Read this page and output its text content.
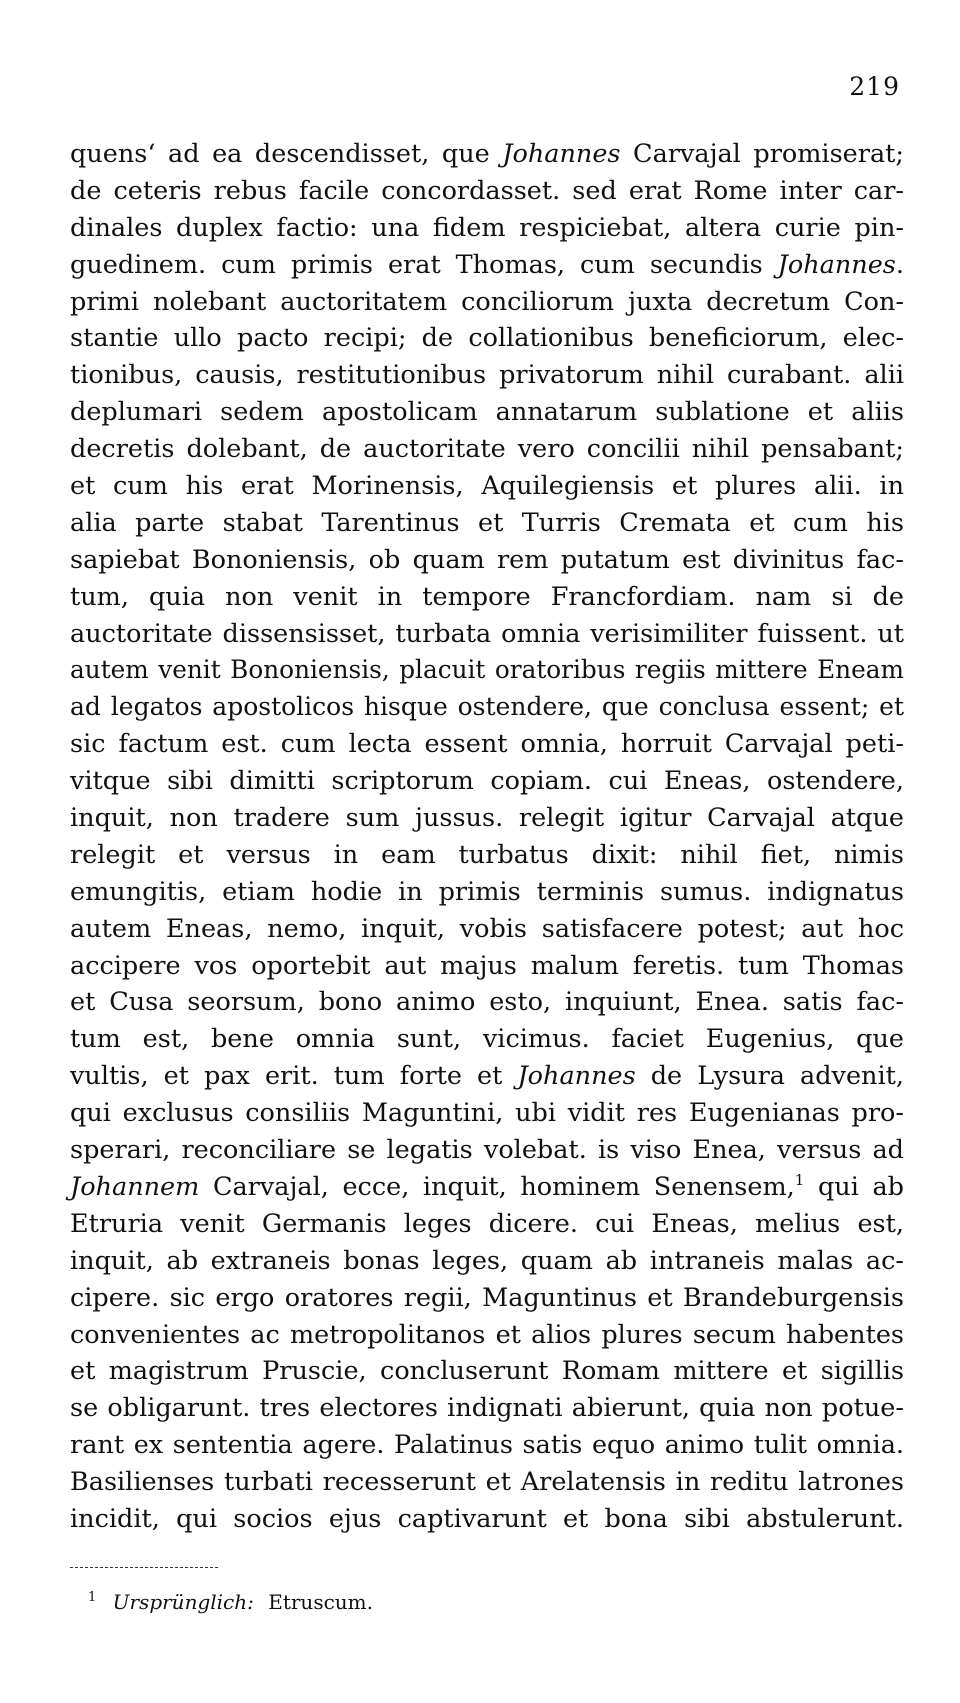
219
quens‘ ad ea descendisset, que Johannes Carvajal promiserat;
de ceteris rebus facile concordasset. sed erat Rome inter car-
dinales duplex factio: una fidem respiciebat, altera curie pin-
guedinem. cum primis erat Thomas, cum secundis Johannes.
primi nolebant auctoritatem conciliorum juxta decretum Con-
stantie ullo pacto recipi; de collationibus beneficiorum, elec-
tionibus, causis, restitutionibus privatorum nihil curabant. alii
deplumari sedem apostolicam annatarum sublatione et aliis
decretis dolebant, de auctoritate vero concilii nihil pensabant;
et cum his erat Morinensis, Aquilegiensis et plures alii. in
alia parte stabat Tarentinus et Turris Cremata et cum his
sapiebat Bononiensis, ob quam rem putatum est divinitus fac-
tum, quia non venit in tempore Francfordiam. nam si de
auctoritate dissensisset, turbata omnia verisimiliter fuissent. ut
autem venit Bononiensis, placuit oratoribus regiis mittere Eneam
ad legatos apostolicos hisque ostendere, que conclusa essent; et
sic factum est. cum lecta essent omnia, horruit Carvajal peti-
vitque sibi dimitti scriptorum copiam. cui Eneas, ostendere,
inquit, non tradere sum jussus. relegit igitur Carvajal atque
relegit et versus in eam turbatus dixit: nihil fiet, nimis
emungitis, etiam hodie in primis terminis sumus. indignatus
autem Eneas, nemo, inquit, vobis satisfacere potest; aut hoc
accipere vos oportebit aut majus malum feretis. tum Thomas
et Cusa seorsum, bono animo esto, inquiunt, Enea. satis fac-
tum est, bene omnia sunt, vicimus. faciet Eugenius, que
vultis, et pax erit. tum forte et Johannes de Lysura advenit,
qui exclusus consiliis Maguntini, ubi vidit res Eugenianas pro-
sperari, reconciliare se legatis volebat. is viso Enea, versus ad
Johannem Carvajal, ecce, inquit, hominem Senensem,$^1$ qui ab
Etruria venit Germanis leges dicere. cui Eneas, melius est,
inquit, ab extraneis bonas leges, quam ab intraneis malas ac-
cipere. sic ergo oratores regii, Maguntinus et Brandeburgensis
convenientes ac metropolitanos et alios plures secum habentes
et magistrum Pruscie, concluserunt Romam mittere et sigillis
se obligarunt. tres electores indignati abierunt, quia non potue-
rant ex sententia agere. Palatinus satis equo animo tulit omnia.
Basilienses turbati recesserunt et Arelatensis in reditu latrones
incidit, qui socios ejus captivarunt et bona sibi abstulerunt.
$^1$ Ursprünglich: Etruscum.
